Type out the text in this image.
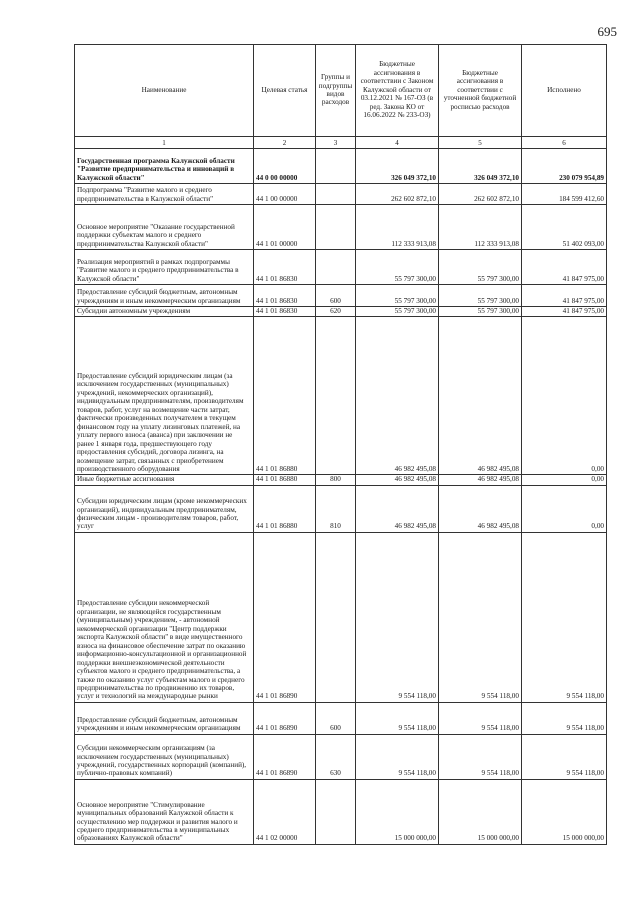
695
Наименование	Целевая статья	Группы и подгруппы видов расходов	Бюджетные ассигнования в соответствии с Законом Калужской области от 03.12.2021 № 167-ОЗ (в ред. Закона КО от 16.06.2022 № 233-ОЗ)	Бюджетные ассигнования в соответствии с уточненной бюджетной росписью расходов	Исполнено
1	2	3	4	5	6
Государственная программа Калужской области "Развитие предпринимательства и инноваций в Калужской области"	44 0 00 00000		326 049 372,10	326 049 372,10	230 079 954,89
Подпрограмма "Развитие малого и среднего предпринимательства в Калужской области"	44 1 00 00000		262 602 872,10	262 602 872,10	184 599 412,60
Основное мероприятие "Оказание государственной поддержки субъектам малого и среднего предпринимательства Калужской области"	44 1 01 00000		112 333 913,08	112 333 913,08	51 402 093,00
Реализация мероприятий в рамках подпрограммы "Развитие малого и среднего предпринимательства в Калужской области"	44 1 01 86830		55 797 300,00	55 797 300,00	41 847 975,00
Предоставление субсидий бюджетным, автономным учреждениям и иным некоммерческим организациям	44 1 01 86830	600	55 797 300,00	55 797 300,00	41 847 975,00
Субсидии автономным учреждениям	44 1 01 86830	620	55 797 300,00	55 797 300,00	41 847 975,00
Предоставление субсидий юридическим лицам (за исключением государственных (муниципальных) учреждений, некоммерческих организаций), индивидуальным предпринимателям, производителям товаров, работ, услуг на возмещение части затрат, фактически произведенных получателем в текущем финансовом году на уплату лизинговых платежей, на уплату первого взноса (аванса) при заключении не ранее 1 января года, предшествующего году предоставления субсидий, договора лизинга, на возмещение затрат, связанных с приобретением производственного оборудования	44 1 01 86880		46 982 495,08	46 982 495,08	0,00
Иные бюджетные ассигнования	44 1 01 86880	800	46 982 495,08	46 982 495,08	0,00
Субсидии юридическим лицам (кроме некоммерческих организаций), индивидуальным предпринимателям, физическим лицам - производителям товаров, работ, услуг	44 1 01 86880	810	46 982 495,08	46 982 495,08	0,00
Предоставление субсидии некоммерческой организации, не являющейся государственным (муниципальным) учреждением, - автономной некоммерческой организации "Центр поддержки экспорта Калужской области" в виде имущественного взноса на финансовое обеспечение затрат по оказанию информационно-консультационной и организационной поддержки внешнеэкономической деятельности субъектов малого и среднего предпринимательства, а также по оказанию услуг субъектам малого и среднего предпринимательства по продвижению их товаров, услуг и технологий на международные рынки	44 1 01 86890		9 554 118,00	9 554 118,00	9 554 118,00
Предоставление субсидий бюджетным, автономным учреждениям и иным некоммерческим организациям	44 1 01 86890	600	9 554 118,00	9 554 118,00	9 554 118,00
Субсидии некоммерческим организациям (за исключением государственных (муниципальных) учреждений, государственных корпораций (компаний), публично-правовых компаний)	44 1 01 86890	630	9 554 118,00	9 554 118,00	9 554 118,00
Основное мероприятие "Стимулирование муниципальных образований Калужской области к осуществлению мер поддержки и развития малого и среднего предпринимательства в муниципальных образованиях Калужской области"	44 1 02 00000		15 000 000,00	15 000 000,00	15 000 000,00
